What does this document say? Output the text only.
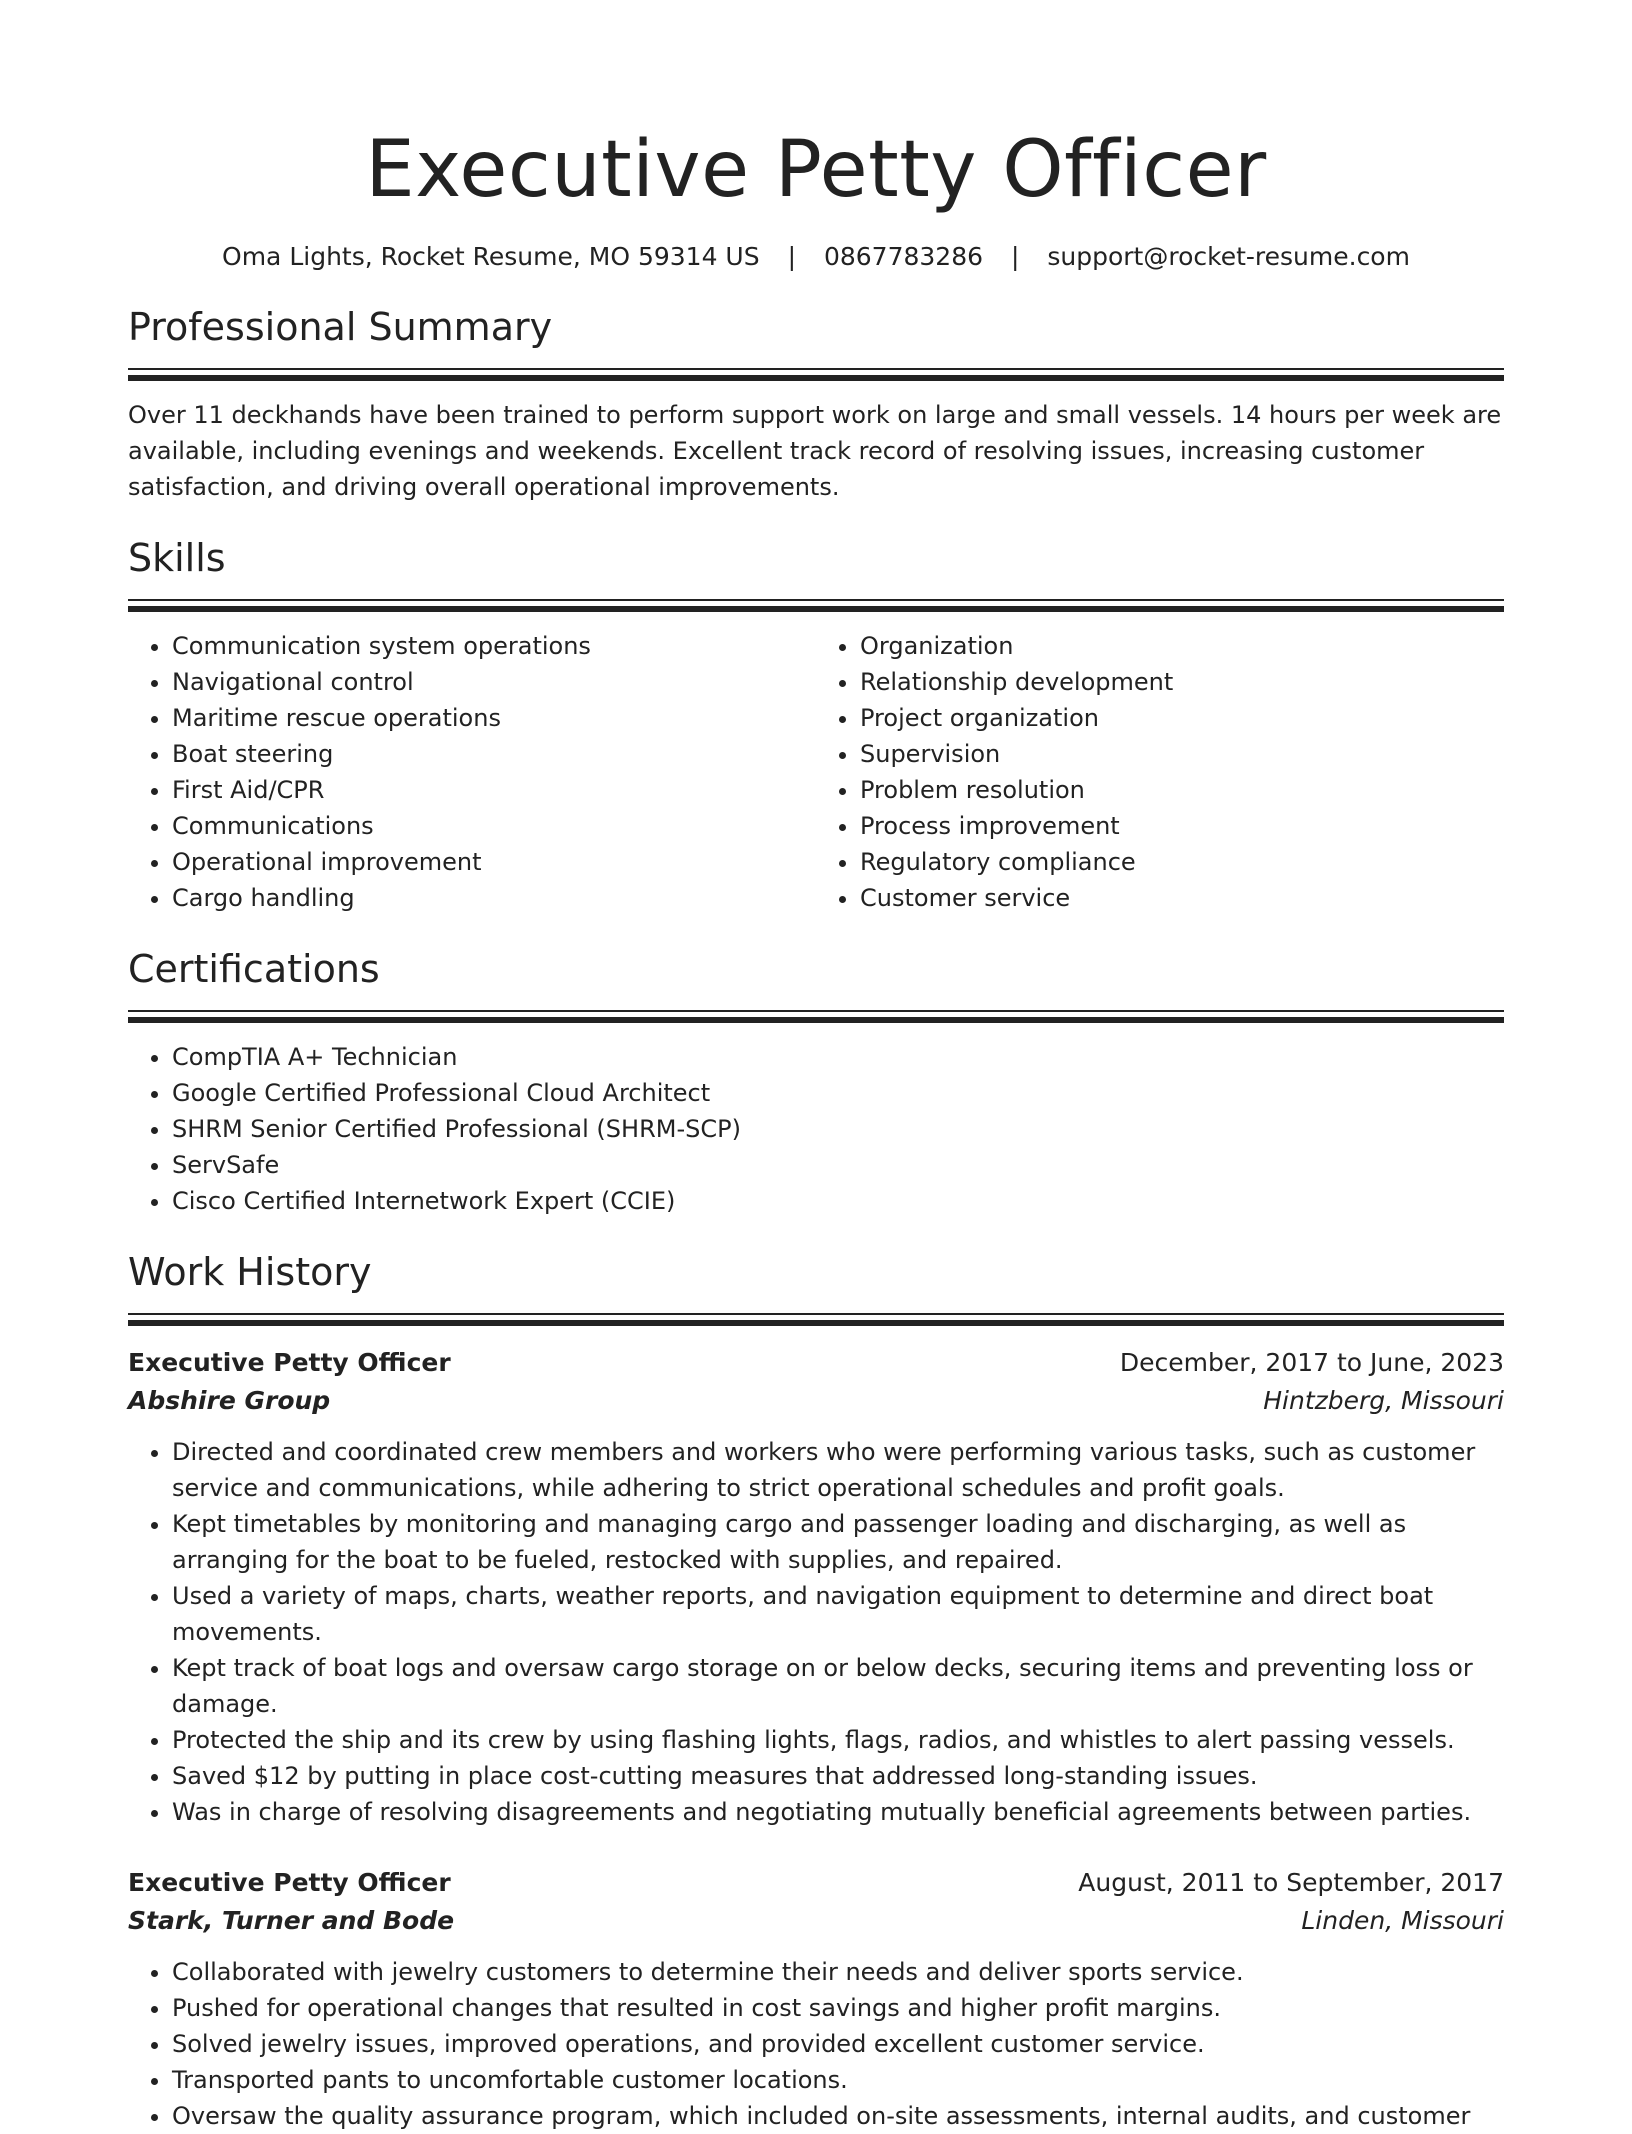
Executive Petty Officer
Oma Lights, Rocket Resume, MO 59314 US | 0867783286 | support@rocket-resume.com
Professional Summary

Over 11 deckhands have been trained to perform support work on large and small vessels. 14 hours per week are available, including evenings and weekends. Excellent track record of resolving issues, increasing customer satisfaction, and driving overall operational improvements.

Skills
• Communication system operations
• Navigational control
• Maritime rescue operations
• Boat steering
• First Aid/CPR
• Communications
• Operational improvement
• Cargo handling
• Organization
• Relationship development
• Project organization
• Supervision
• Problem resolution
• Process improvement
• Regulatory compliance
• Customer service
Certifications
• CompTIA A+ Technician
• Google Certified Professional Cloud Architect
• SHRM Senior Certified Professional (SHRM-SCP)
• ServSafe
• Cisco Certified Internetwork Expert (CCIE)
Work History
Executive Petty Officer	December, 2017 to June, 2023
Abshire Group	Hintzberg, Missouri
• Directed and coordinated crew members and workers who were performing various tasks, such as customer service and communications, while adhering to strict operational schedules and profit goals.
• Kept timetables by monitoring and managing cargo and passenger loading and discharging, as well as arranging for the boat to be fueled, restocked with supplies, and repaired.
• Used a variety of maps, charts, weather reports, and navigation equipment to determine and direct boat movements.
• Kept track of boat logs and oversaw cargo storage on or below decks, securing items and preventing loss or damage.
• Protected the ship and its crew by using flashing lights, flags, radios, and whistles to alert passing vessels.
• Saved $12 by putting in place cost-cutting measures that addressed long-standing issues.
• Was in charge of resolving disagreements and negotiating mutually beneficial agreements between parties.
Executive Petty Officer	August, 2011 to September, 2017
Stark, Turner and Bode	Linden, Missouri
• Collaborated with jewelry customers to determine their needs and deliver sports service.
• Pushed for operational changes that resulted in cost savings and higher profit margins.
• Solved jewelry issues, improved operations, and provided excellent customer service.
• Transported pants to uncomfortable customer locations.
• Oversaw the quality assurance program, which included on-site assessments, internal audits, and customer
